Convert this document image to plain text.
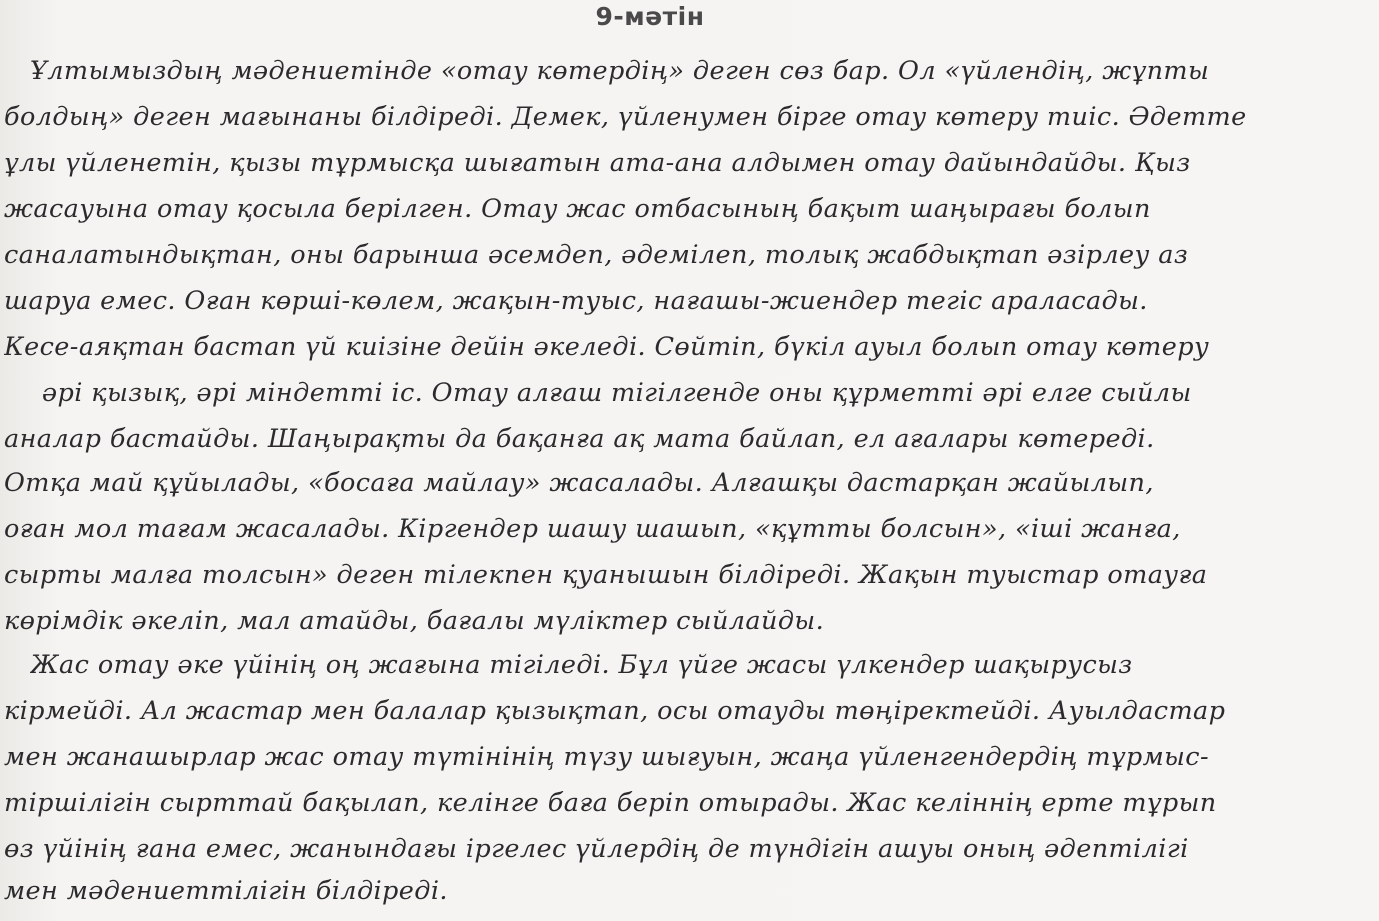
9-мәтін
Ұлтымыздың мәдениетінде «отау көтердің» деген сөз бар. Ол «үйлендің, жұпты
болдың» деген мағынаны білдіреді. Демек, үйленумен бірге отау көтеру тиіс. Әдетте
ұлы үйленетін, қызы тұрмысқа шығатын ата-ана алдымен отау дайындайды. Қыз
жасауына отау қосыла берілген. Отау жас отбасының бақыт шаңырағы болып
саналатындықтан, оны барынша әсемдеп, әдемілеп, толық жабдықтап әзірлеу аз
шаруа емес. Оған көрші-көлем, жақын-туыс, нағашы-жиендер тегіс араласады.
Кесе-аяқтан бастап үй киізіне дейін әкеледі. Сөйтіп, бүкіл ауыл болып отау көтеру
әрі қызық, әрі міндетті іс. Отау алғаш тігілгенде оны құрметті әрі елге сыйлы
аналар бастайды. Шаңырақты да бақанға ақ мата байлап, ел ағалары көтереді.
Отқа май құйылады, «босаға майлау» жасалады. Алғашқы дастарқан жайылып,
оған мол тағам жасалады. Кіргендер шашу шашып, «құтты болсын», «іші жанға,
сырты малға толсын» деген тілекпен қуанышын білдіреді. Жақын туыстар отауға
көрімдік әкеліп, мал атайды, бағалы мүліктер сыйлайды.
Жас отау әке үйінің оң жағына тігіледі. Бұл үйге жасы үлкендер шақырусыз
кірмейді. Ал жастар мен балалар қызықтап, осы отауды төңіректейді. Ауылдастар
мен жанашырлар жас отау түтінінің түзу шығуын, жаңа үйленгендердің тұрмыс-
тіршілігін сырттай бақылап, келінге баға беріп отырады. Жас келіннің ерте тұрып
өз үйінің ғана емес, жанындағы іргелес үйлердің де түндігін ашуы оның әдептілігі
мен мәдениеттілігін білдіреді.
